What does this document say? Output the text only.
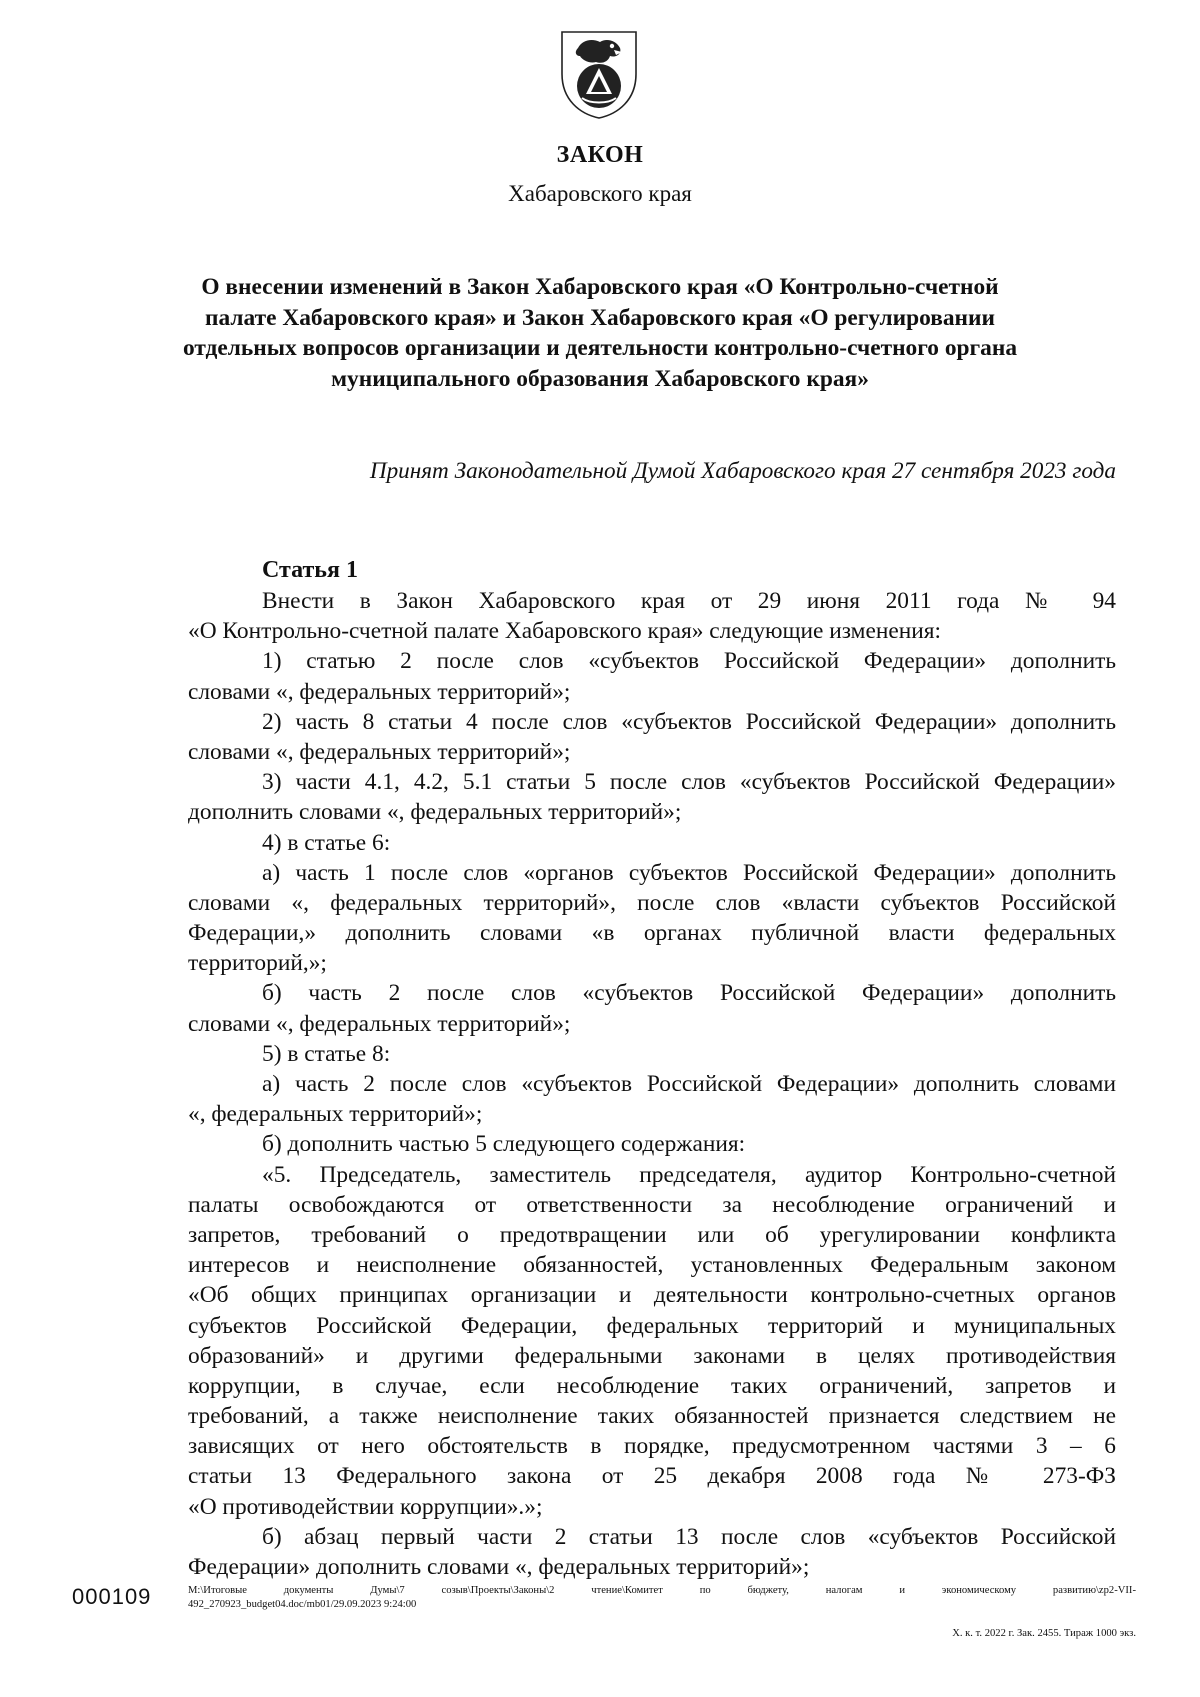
ЗАКОН
Хабаровского края
О внесении изменений в Закон Хабаровского края «О Контрольно-счетной
палате Хабаровского края» и Закон Хабаровского края «О регулировании
отдельных вопросов организации и деятельности контрольно-счетного органа
муниципального образования Хабаровского края»
Принят Законодательной Думой Хабаровского края 27 сентября 2023 года
Статья 1
Внести в Закон Хабаровского края от 29 июня 2011 года № 94
«О Контрольно-счетной палате Хабаровского края» следующие изменения:
1) статью 2 после слов «субъектов Российской Федерации» дополнить
словами «, федеральных территорий»;
2) часть 8 статьи 4 после слов «субъектов Российской Федерации» дополнить
словами «, федеральных территорий»;
3) части 4.1, 4.2, 5.1 статьи 5 после слов «субъектов Российской Федерации»
дополнить словами «, федеральных территорий»;
4) в статье 6:
а) часть 1 после слов «органов субъектов Российской Федерации» дополнить
словами «, федеральных территорий», после слов «власти субъектов Российской
Федерации,» дополнить словами «в органах публичной власти федеральных
территорий,»;
б) часть 2 после слов «субъектов Российской Федерации» дополнить
словами «, федеральных территорий»;
5) в статье 8:
а) часть 2 после слов «субъектов Российской Федерации» дополнить словами
«, федеральных территорий»;
б) дополнить частью 5 следующего содержания:
«5. Председатель, заместитель председателя, аудитор Контрольно-счетной
палаты освобождаются от ответственности за несоблюдение ограничений и
запретов, требований о предотвращении или об урегулировании конфликта
интересов и неисполнение обязанностей, установленных Федеральным законом
«Об общих принципах организации и деятельности контрольно-счетных органов
субъектов Российской Федерации, федеральных территорий и муниципальных
образований» и другими федеральными законами в целях противодействия
коррупции, в случае, если несоблюдение таких ограничений, запретов и
требований, а также неисполнение таких обязанностей признается следствием не
зависящих от него обстоятельств в порядке, предусмотренном частями 3 – 6
статьи 13 Федерального закона от 25 декабря 2008 года № 273-ФЗ
«О противодействии коррупции».»;
б) абзац первый части 2 статьи 13 после слов «субъектов Российской
Федерации» дополнить словами «, федеральных территорий»;
000109	M:\Итоговые документы Думы\7 созыв\Проекты\Законы\2 чтение\Комитет по бюджету, налогам и экономическому развитию\zp2-VII-
492_270923_budget04.doc/mb01/29.09.2023 9:24:00
Х. к. т. 2022 г. Зак. 2455. Тираж 1000 экз.
